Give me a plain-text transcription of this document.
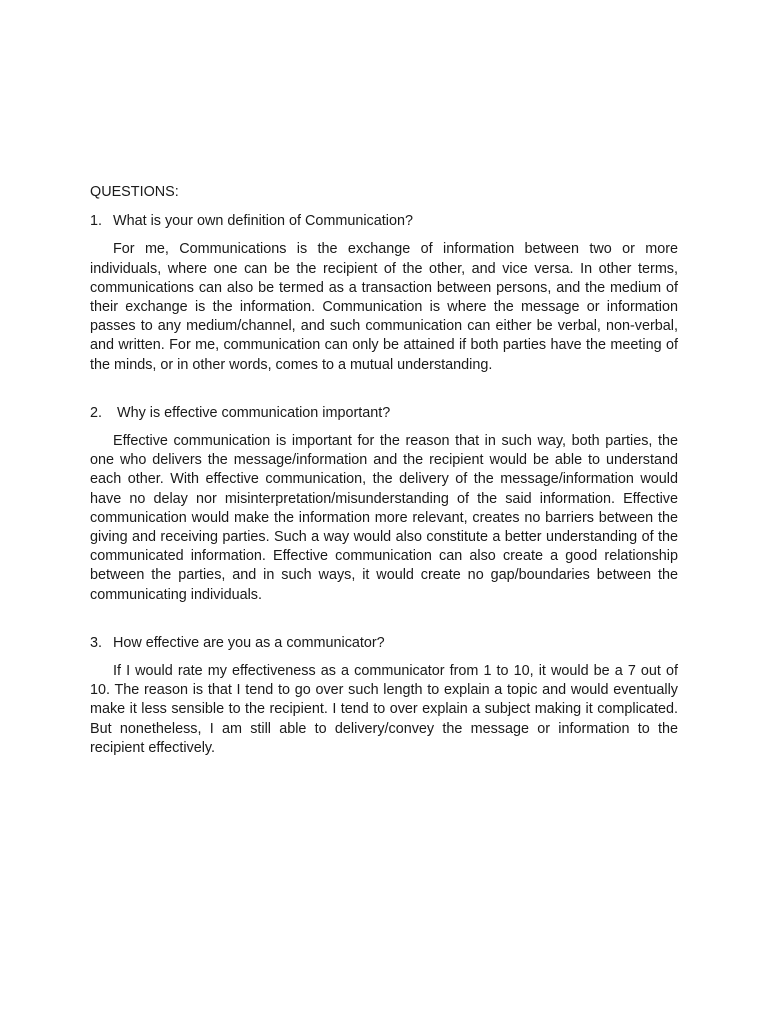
QUESTIONS:

1. What is your own definition of Communication?

For me, Communications is the exchange of information between two or more individuals, where one can be the recipient of the other, and vice versa. In other terms, communications can also be termed as a transaction between persons, and the medium of their exchange is the information. Communication is where the message or information passes to any medium/channel, and such communication can either be verbal, non-verbal, and written. For me, communication can only be attained if both parties have the meeting of the minds, or in other words, comes to a mutual understanding.

2. Why is effective communication important?

Effective communication is important for the reason that in such way, both parties, the one who delivers the message/information and the recipient would be able to understand each other. With effective communication, the delivery of the message/information would have no delay nor misinterpretation/misunderstanding of the said information. Effective communication would make the information more relevant, creates no barriers between the giving and receiving parties. Such a way would also constitute a better understanding of the communicated information. Effective communication can also create a good relationship between the parties, and in such ways, it would create no gap/boundaries between the communicating individuals.

3. How effective are you as a communicator?

If I would rate my effectiveness as a communicator from 1 to 10, it would be a 7 out of 10. The reason is that I tend to go over such length to explain a topic and would eventually make it less sensible to the recipient. I tend to over explain a subject making it complicated. But nonetheless, I am still able to delivery/convey the message or information to the recipient effectively.
